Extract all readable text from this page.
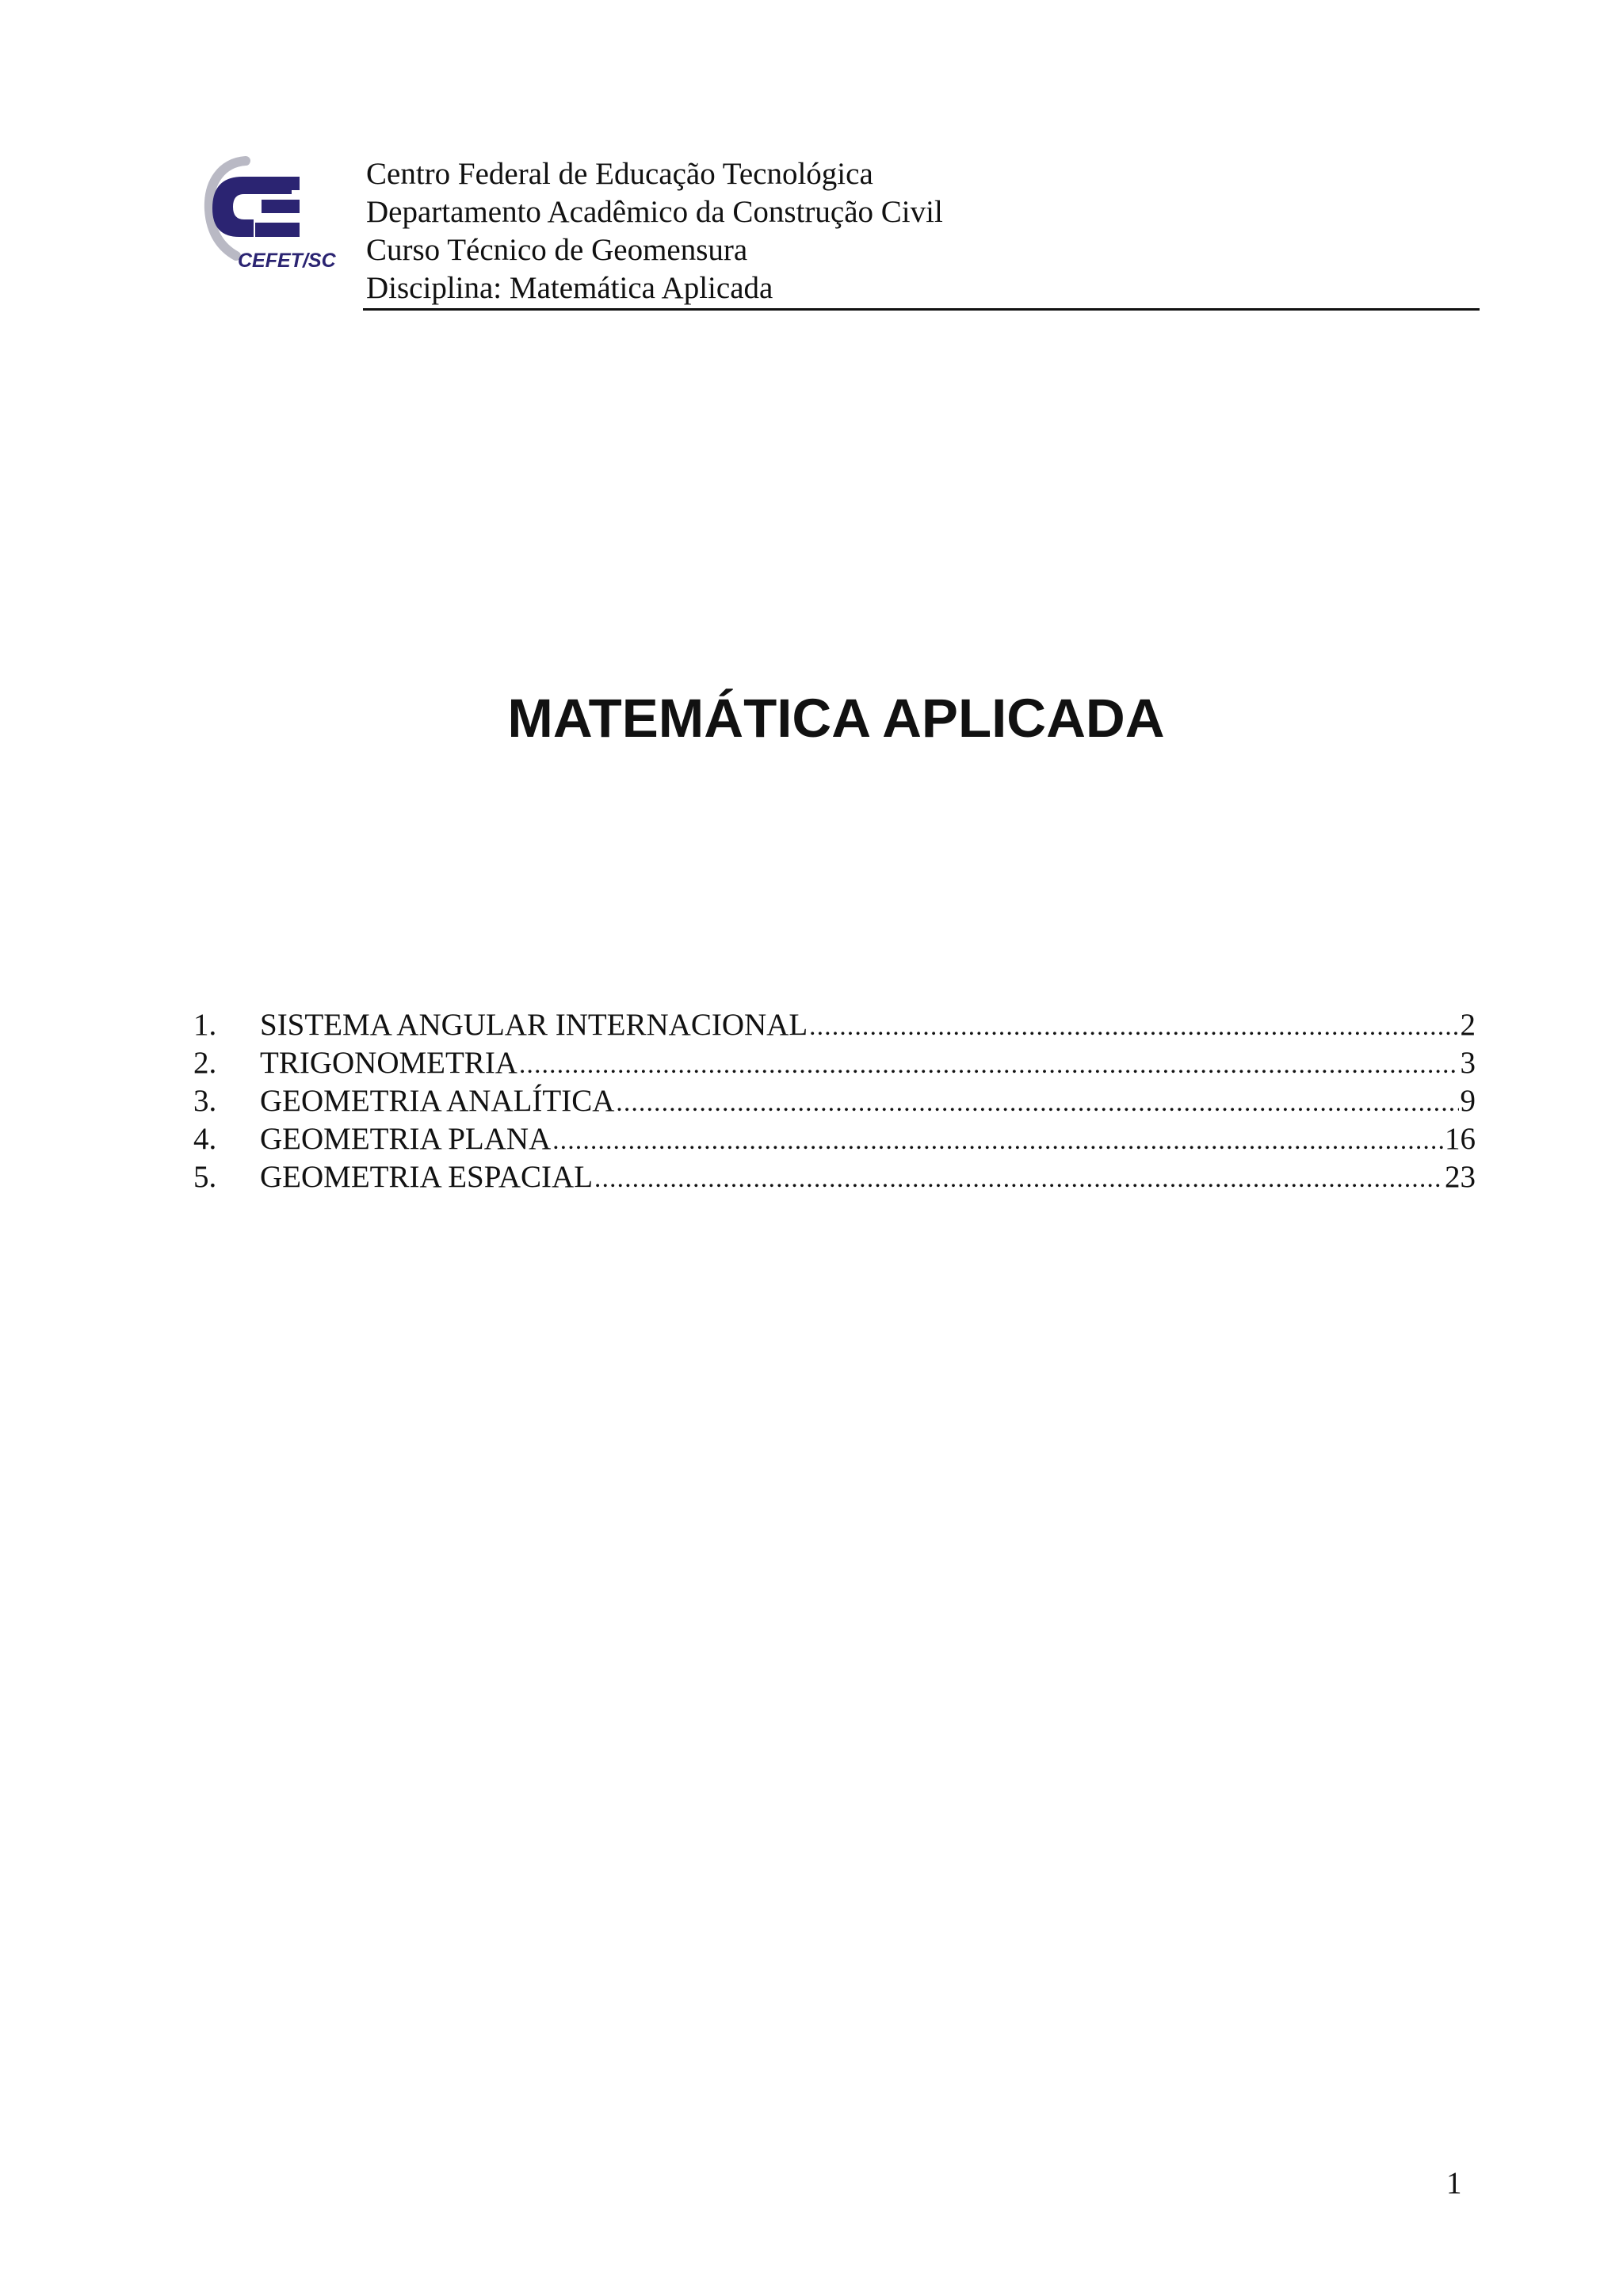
CEFET/SC
Centro Federal de Educação Tecnológica
Departamento Acadêmico da Construção Civil
Curso Técnico de Geomensura
Disciplina: Matemática Aplicada
MATEMÁTICA APLICADA
1.	SISTEMA ANGULAR INTERNACIONAL .....	2
2.	TRIGONOMETRIA .....	3
3.	GEOMETRIA ANALÍTICA .....	9
4.	GEOMETRIA PLANA .....	16
5.	GEOMETRIA ESPACIAL .....	23
1
